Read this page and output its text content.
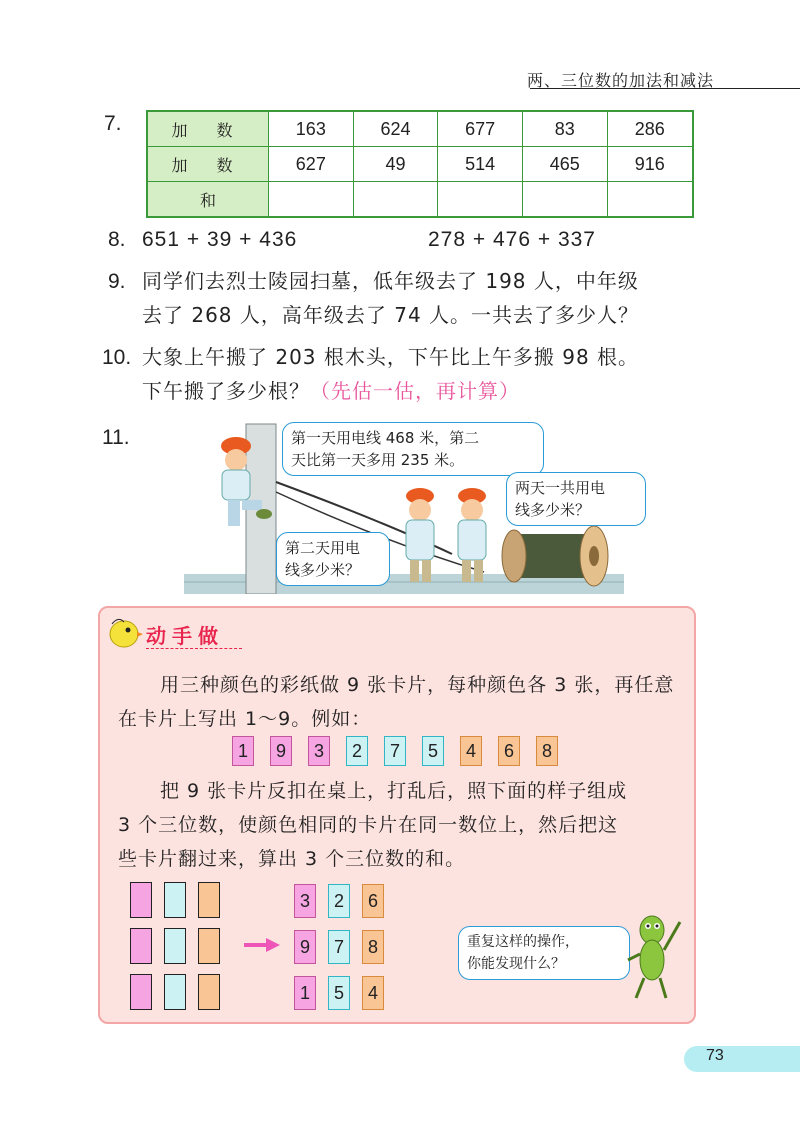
两、三位数的加法和减法
7.	加 数	163	624	677	83	286
加 数	627	49	514	465	916
和					
8. 651 + 39 + 436	278 + 476 + 337
9. 同学们去烈士陵园扫墓，低年级去了 198 人，中年级
去了 268 人，高年级去了 74 人。一共去了多少人？
10. 大象上午搬了 203 根木头，下午比上午多搬 98 根。
下午搬了多少根？（先估一估，再计算）
11.	第一天用电线 468 米，第二
天比第一天多用 235 米。
两天一共用电
线多少米？
第二天用电
线多少米？
动手做
用三种颜色的彩纸做 9 张卡片，每种颜色各 3 张，再任意
在卡片上写出 1～9。例如：
1	9	3	2	7	5	4	6	8
把 9 张卡片反扣在桌上，打乱后，照下面的样子组成
3 个三位数，使颜色相同的卡片在同一数位上，然后把这
些卡片翻过来，算出 3 个三位数的和。
3	2	6
9	7	8
1	5	4
重复这样的操作，
你能发现什么？
73
